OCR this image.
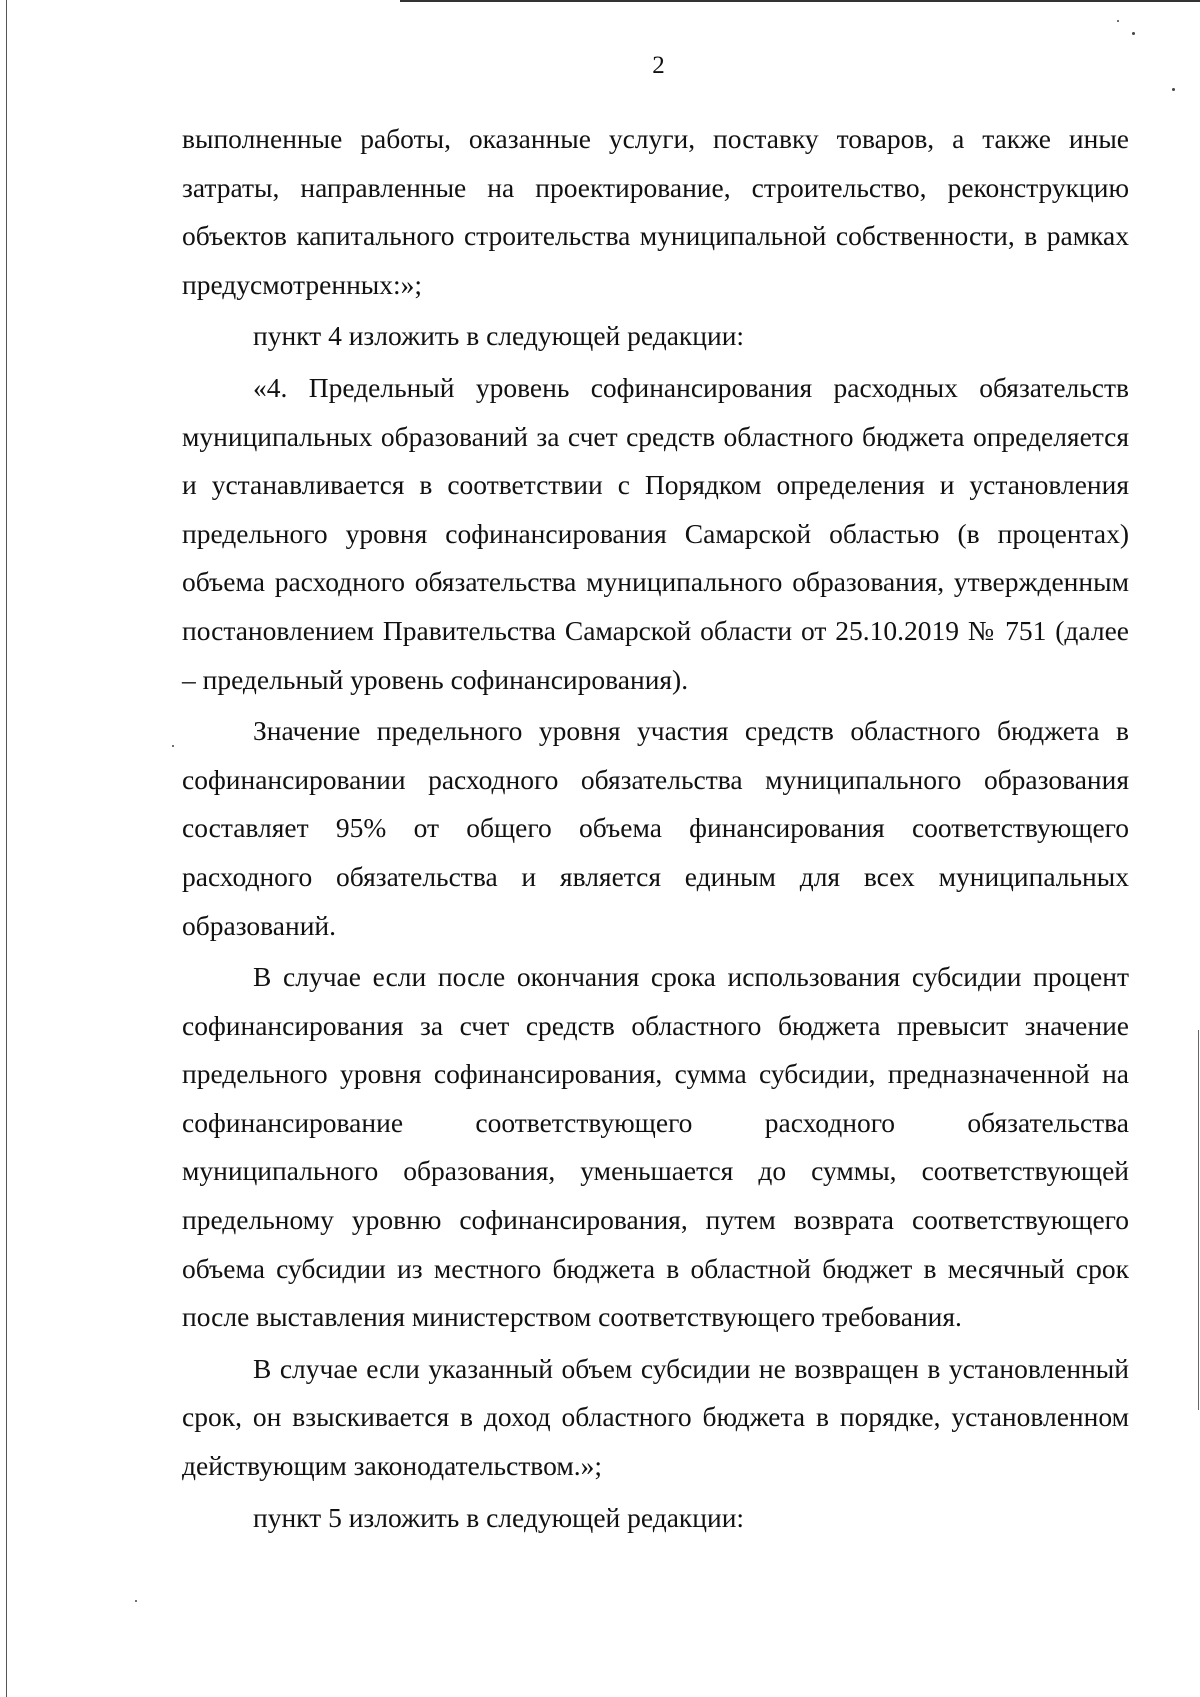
2

выполненные работы, оказанные услуги, поставку товаров, а также иные затраты, направленные на проектирование, строительство, реконструкцию объектов капитального строительства муниципальной собственности, в рамках предусмотренных:»;

пункт 4 изложить в следующей редакции:

«4. Предельный уровень софинансирования расходных обязательств муниципальных образований за счет средств областного бюджета определяется и устанавливается в соответствии с Порядком определения и установления предельного уровня софинансирования Самарской областью (в процентах) объема расходного обязательства муниципального образования, утвержденным постановлением Правительства Самарской области от 25.10.2019 № 751 (далее – предельный уровень софинансирования).

Значение предельного уровня участия средств областного бюджета в софинансировании расходного обязательства муниципального образования составляет 95% от общего объема финансирования соответствующего расходного обязательства и является единым для всех муниципальных образований.

В случае если после окончания срока использования субсидии процент софинансирования за счет средств областного бюджета превысит значение предельного уровня софинансирования, сумма субсидии, предназначенной на софинансирование соответствующего расходного обязательства муниципального образования, уменьшается до суммы, соответствующей предельному уровню софинансирования, путем возврата соответствующего объема субсидии из местного бюджета в областной бюджет в месячный срок после выставления министерством соответствующего требования.

В случае если указанный объем субсидии не возвращен в установленный срок, он взыскивается в доход областного бюджета в порядке, установленном действующим законодательством.»;

пункт 5 изложить в следующей редакции:
